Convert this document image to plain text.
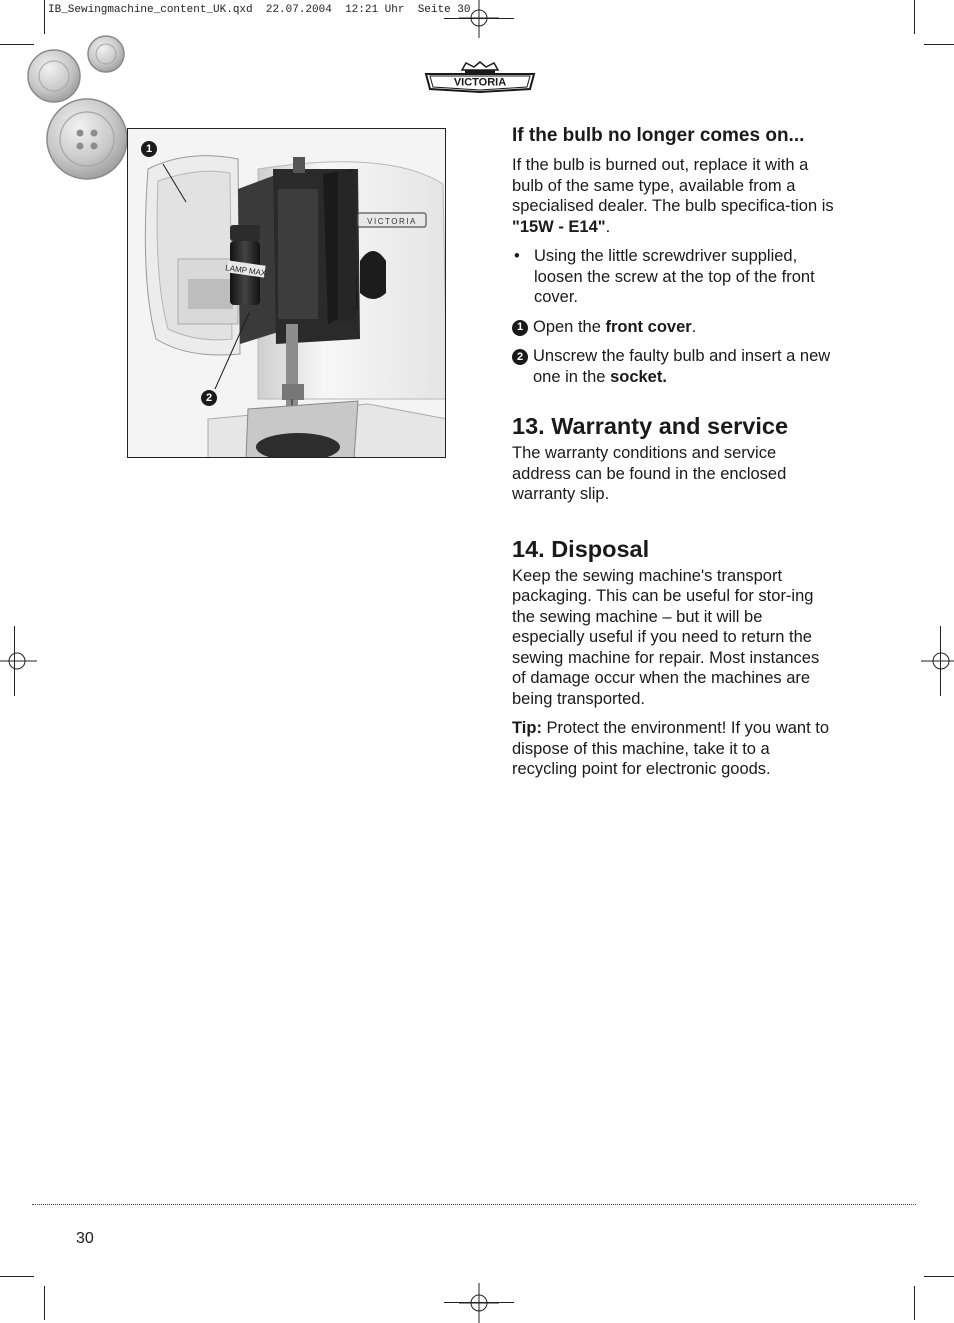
IB_Sewingmachine_content_UK.qxd 22.07.2004 12:21 Uhr Seite 30
VICTORIA
LAMP MAX
VICTORIA
1
2
If the bulb no longer comes on...

If the bulb is burned out, replace it with a bulb of the same type, available from a specialised dealer. The bulb specifica-tion is "15W - E14".

• Using the little screwdriver supplied, loosen the screw at the top of the front cover.
1 Open the front cover.
2 Unscrew the faulty bulb and insert a new one in the socket.
13. Warranty and service

The warranty conditions and service address can be found in the enclosed warranty slip.

14. Disposal

Keep the sewing machine's transport packaging. This can be useful for stor-ing the sewing machine – but it will be especially useful if you need to return the sewing machine for repair. Most instances of damage occur when the machines are being transported.

Tip: Protect the environment! If you want to dispose of this machine, take it to a recycling point for electronic goods.

30
